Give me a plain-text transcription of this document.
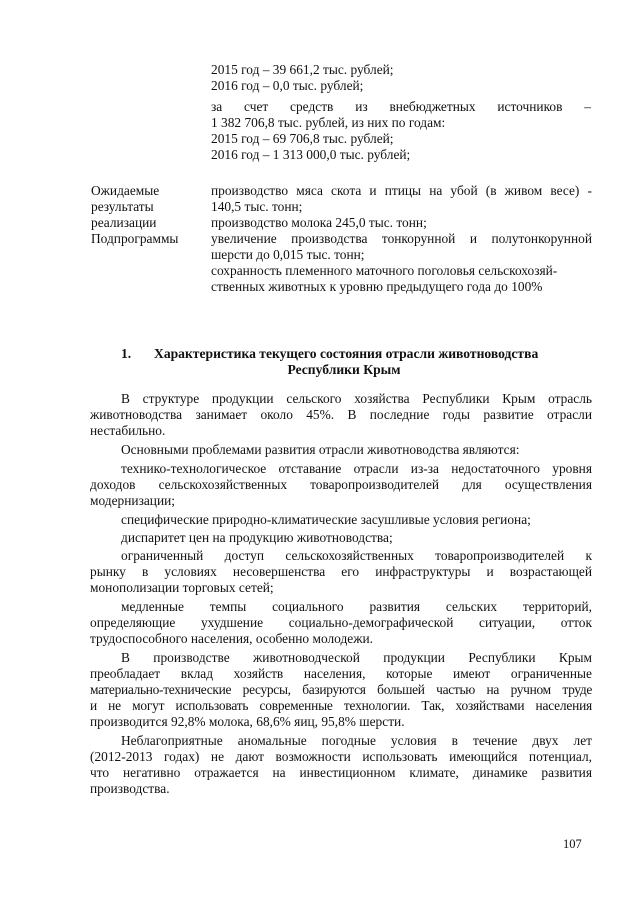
2015 год – 39 661,2 тыс. рублей;
2016 год – 0,0 тыс. рублей;
за счет средств из внебюджетных источников –
1 382 706,8 тыс. рублей, из них по годам:
2015 год – 69 706,8 тыс. рублей;
2016 год – 1 313 000,0 тыс. рублей;
Ожидаемые
результаты
реализации
Подпрограммы
производство мяса скота и птицы на убой (в живом весе) -
140,5 тыс. тонн;
производство молока 245,0 тыс. тонн;
увеличение производства тонкорунной и полутонкорунной
шерсти до 0,015 тыс. тонн;
сохранность племенного маточного поголовья сельскохозяй-
ственных животных к уровню предыдущего года до 100%
1. Характеристика текущего состояния отрасли животноводства
Республики Крым
В структуре продукции сельского хозяйства Республики Крым отрасль
животноводства занимает около 45%. В последние годы развитие отрасли
нестабильно.
Основными проблемами развития отрасли животноводства являются:
технико-технологическое отставание отрасли из-за недостаточного уровня
доходов сельскохозяйственных товаропроизводителей для осуществления
модернизации;
специфические природно-климатические засушливые условия региона;
диспаритет цен на продукцию животноводства;
ограниченный доступ сельскохозяйственных товаропроизводителей к
рынку в условиях несовершенства его инфраструктуры и возрастающей
монополизации торговых сетей;
медленные темпы социального развития сельских территорий,
определяющие ухудшение социально-демографической ситуации, отток
трудоспособного населения, особенно молодежи.
В производстве животноводческой продукции Республики Крым
преобладает вклад хозяйств населения, которые имеют ограниченные
материально-технические ресурсы, базируются большей частью на ручном труде
и не могут использовать современные технологии. Так, хозяйствами населения
производится 92,8% молока, 68,6% яиц, 95,8% шерсти.
Неблагоприятные аномальные погодные условия в течение двух лет
(2012-2013 годах) не дают возможности использовать имеющийся потенциал,
что негативно отражается на инвестиционном климате, динамике развития
производства.
107
